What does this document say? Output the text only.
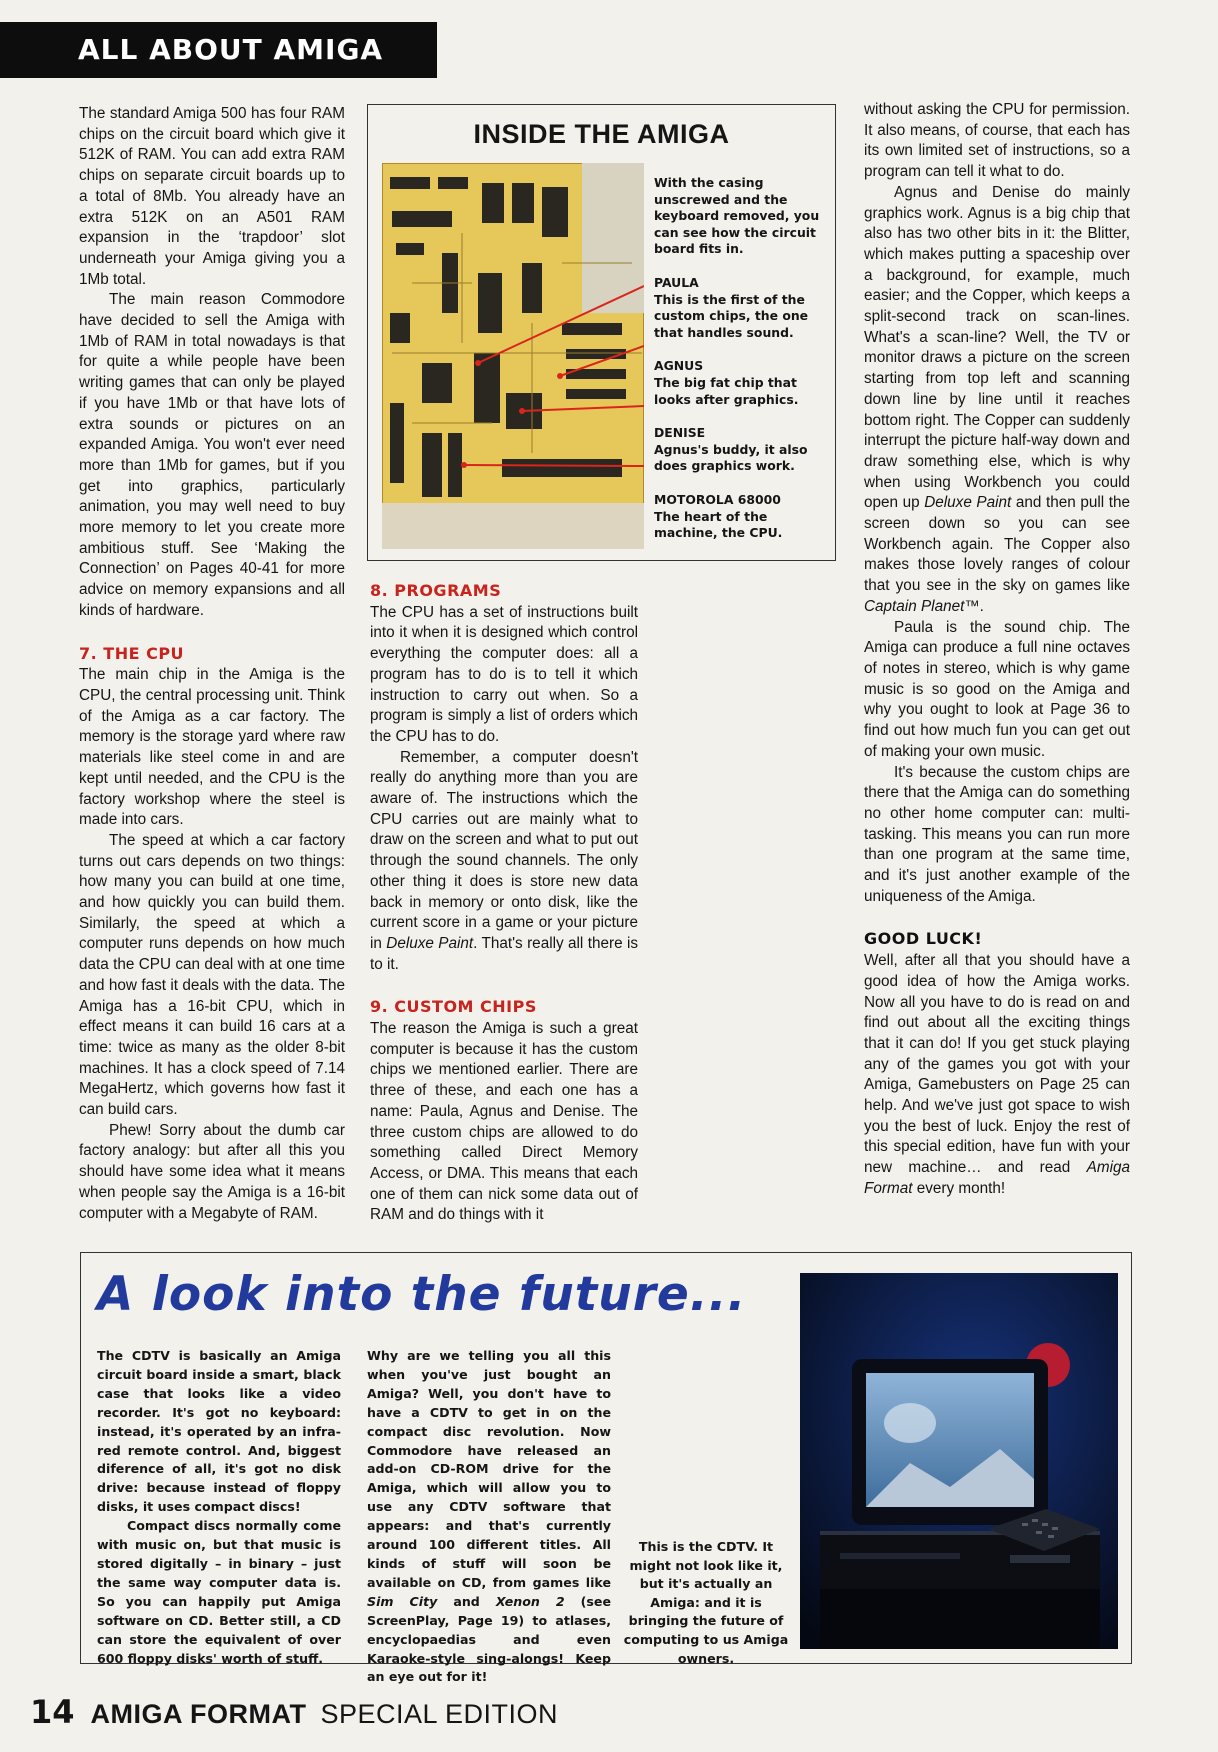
ALL ABOUT AMIGA

The standard Amiga 500 has four RAM chips on the circuit board which give it 512K of RAM. You can add extra RAM chips on separate circuit boards up to a total of 8Mb. You already have an extra 512K on an A501 RAM expansion in the ‘trapdoor’ slot underneath your Amiga giving you a 1Mb total.

The main reason Commodore have decided to sell the Amiga with 1Mb of RAM in total nowadays is that for quite a while people have been writing games that can only be played if you have 1Mb or that have lots of extra sounds or pictures on an expanded Amiga. You won't ever need more than 1Mb for games, but if you get into graphics, particularly animation, you may well need to buy more memory to let you create more ambitious stuff. See ‘Making the Connection’ on Pages 40-41 for more advice on memory expansions and all kinds of hardware.

7. THE CPU

The main chip in the Amiga is the CPU, the central processing unit. Think of the Amiga as a car factory. The memory is the storage yard where raw materials like steel come in and are kept until needed, and the CPU is the factory workshop where the steel is made into cars.

The speed at which a car factory turns out cars depends on two things: how many you can build at one time, and how quickly you can build them. Similarly, the speed at which a computer runs depends on how much data the CPU can deal with at one time and how fast it deals with the data. The Amiga has a 16-bit CPU, which in effect means it can build 16 cars at a time: twice as many as the older 8-bit machines. It has a clock speed of 7.14 MegaHertz, which governs how fast it can build cars.

Phew! Sorry about the dumb car factory analogy: but after all this you should have some idea what it means when people say the Amiga is a 16-bit computer with a Megabyte of RAM.

INSIDE THE AMIGA
With the casing unscrewed and the keyboard removed, you can see how the circuit board fits in.
PAULA
This is the first of the custom chips, the one that handles sound.
AGNUS
The big fat chip that looks after graphics.
DENISE
Agnus's buddy, it also does graphics work.
MOTOROLA 68000
The heart of the machine, the CPU.
8. PROGRAMS

The CPU has a set of instructions built into it when it is designed which control everything the computer does: all a program has to do is to tell it which instruction to carry out when. So a program is simply a list of orders which the CPU has to do.

Remember, a computer doesn't really do anything more than you are aware of. The instructions which the CPU carries out are mainly what to draw on the screen and what to put out through the sound channels. The only other thing it does is store new data back in memory or onto disk, like the current score in a game or your picture in Deluxe Paint. That's really all there is to it.

9. CUSTOM CHIPS

The reason the Amiga is such a great computer is because it has the custom chips we mentioned earlier. There are three of these, and each one has a name: Paula, Agnus and Denise. The three custom chips are allowed to do something called Direct Memory Access, or DMA. This means that each one of them can nick some data out of RAM and do things with it

without asking the CPU for permission. It also means, of course, that each has its own limited set of instructions, so a program can tell it what to do.

Agnus and Denise do mainly graphics work. Agnus is a big chip that also has two other bits in it: the Blitter, which makes putting a spaceship over a background, for example, much easier; and the Copper, which keeps a split-second track on scan-lines. What's a scan-line? Well, the TV or monitor draws a picture on the screen starting from top left and scanning down line by line until it reaches bottom right. The Copper can suddenly interrupt the picture half-way down and draw something else, which is why when using Workbench you could open up Deluxe Paint and then pull the screen down so you can see Workbench again. The Copper also makes those lovely ranges of colour that you see in the sky on games like Captain Planet™.

Paula is the sound chip. The Amiga can produce a full nine octaves of notes in stereo, which is why game music is so good on the Amiga and why you ought to look at Page 36 to find out how much fun you can get out of making your own music.

It's because the custom chips are there that the Amiga can do something no other home computer can: multi-tasking. This means you can run more than one program at the same time, and it's just another example of the uniqueness of the Amiga.

GOOD LUCK!

Well, after all that you should have a good idea of how the Amiga works. Now all you have to do is read on and find out about all the exciting things that it can do! If you get stuck playing any of the games you got with your Amiga, Gamebusters on Page 25 can help. And we've just got space to wish you the best of luck. Enjoy the rest of this special edition, have fun with your new machine… and read Amiga Format every month!

A look into the future...

The CDTV is basically an Amiga circuit board inside a smart, black case that looks like a video recorder. It's got no keyboard: instead, it's operated by an infra-red remote control. And, biggest diference of all, it's got no disk drive: because instead of floppy disks, it uses compact discs!

Compact discs normally come with music on, but that music is stored digitally – in binary – just the same way computer data is. So you can happily put Amiga software on CD. Better still, a CD can store the equivalent of over 600 floppy disks' worth of stuff.

Why are we telling you all this when you've just bought an Amiga? Well, you don't have to have a CDTV to get in on the compact disc revolution. Now Commodore have released an add-on CD-ROM drive for the Amiga, which will allow you to use any CDTV software that appears: and that's currently around 100 different titles. All kinds of stuff will soon be available on CD, from games like Sim City and Xenon 2 (see ScreenPlay, Page 19) to atlases, encyclopaedias and even Karaoke-style sing-alongs! Keep an eye out for it!

This is the CDTV. It might not look like it, but it's actually an Amiga: and it is bringing the future of computing to us Amiga owners.
14 AMIGA FORMAT SPECIAL EDITION
